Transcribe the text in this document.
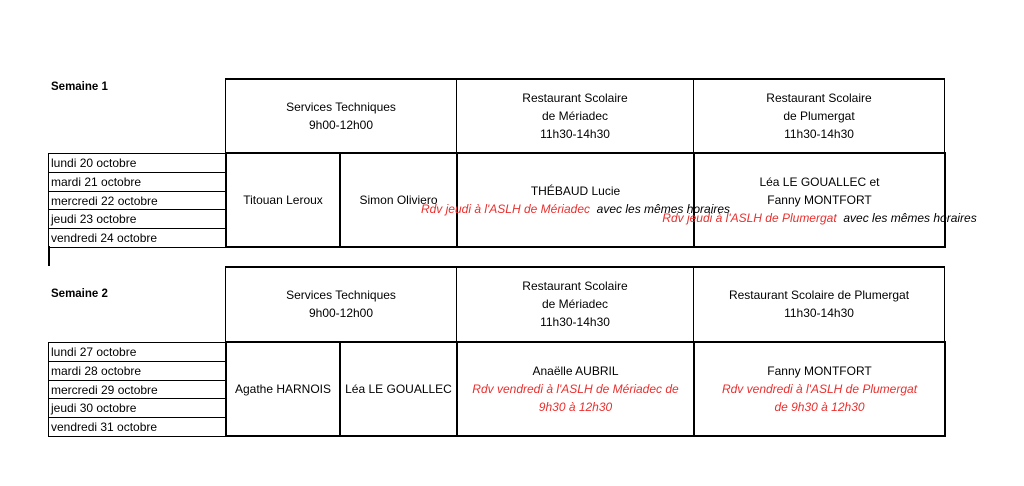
Semaine 1
Services Techniques
9h00-12h00
Restaurant Scolaire
de Mériadec
11h30-14h30
Restaurant Scolaire
de Plumergat
11h30-14h30
lundi 20 octobre
mardi 21 octobre
mercredi 22 octobre
jeudi 23 octobre
vendredi 24 octobre
Titouan Leroux	Simon Oliviero
THÉBAUD Lucie
Rdv jeudi à l'ASLH de Mériadec avec les mêmes horaires
Léa LE GOUALLEC et
Fanny MONTFORT
Rdv jeudi à l'ASLH de Plumergat avec les mêmes horaires
Semaine 2	Services Techniques
9h00-12h00
Restaurant Scolaire
de Mériadec
11h30-14h30
Restaurant Scolaire de Plumergat
11h30-14h30
lundi 27 octobre
mardi 28 octobre
mercredi 29 octobre
jeudi 30 octobre
vendredi 31 octobre
Agathe HARNOIS Léa LE GOUALLEC
Anaëlle AUBRIL
Rdv vendredi à l'ASLH de Mériadec de
9h30 à 12h30
Fanny MONTFORT
Rdv vendredi à l'ASLH de Plumergat
de 9h30 à 12h30
